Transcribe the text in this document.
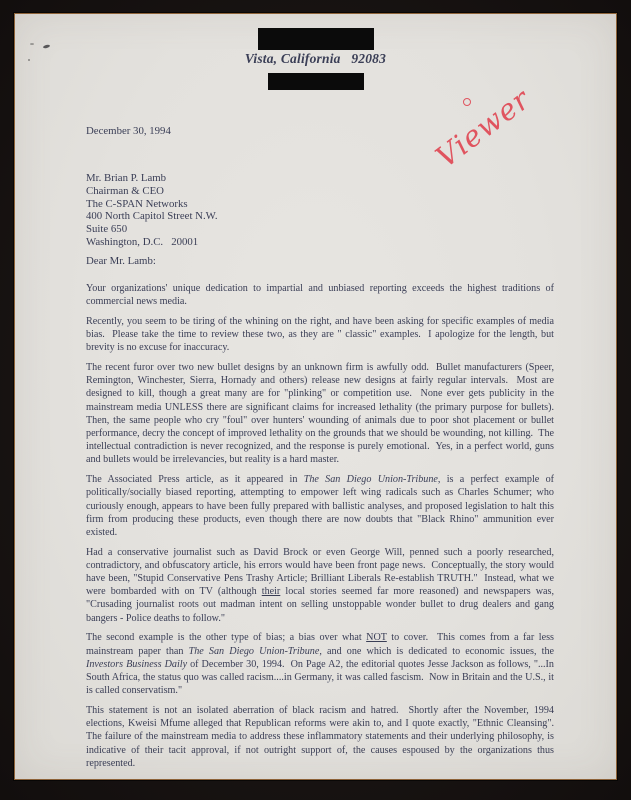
Vista, California   92083
Viewer
December 30, 1994
Mr. Brian P. Lamb
Chairman & CEO
The C-SPAN Networks
400 North Capitol Street N.W.
Suite 650
Washington, D.C.   20001
Dear Mr. Lamb:

Your organizations' unique dedication to impartial and unbiased reporting exceeds the highest traditions of commercial news media.

Recently, you seem to be tiring of the whining on the right, and have been asking for specific examples of media bias.  Please take the time to review these two, as they are " classic" examples.  I apologize for the length, but brevity is no excuse for inaccuracy.

The recent furor over two new bullet designs by an unknown firm is awfully odd.  Bullet manufacturers (Speer, Remington, Winchester, Sierra, Hornady and others) release new designs at fairly regular intervals.  Most are designed to kill, though a great many are for "plinking" or competition use.  None ever gets publicity in the mainstream media UNLESS there are significant claims for increased lethality (the primary purpose for bullets).  Then, the same people who cry "foul" over hunters' wounding of animals due to poor shot placement or bullet performance, decry the concept of improved lethality on the grounds that we should be wounding, not killing.  The intellectual contradiction is never recognized, and the response is purely emotional.  Yes, in a perfect world, guns and bullets would be irrelevancies, but reality is a hard master.

The Associated Press article, as it appeared in The San Diego Union-Tribune, is a perfect example of politically/socially biased reporting, attempting to empower left wing radicals such as Charles Schumer; who curiously enough, appears to have been fully prepared with ballistic analyses, and proposed legislation to halt this firm from producing these products, even though there are now doubts that "Black Rhino" ammunition ever existed.

Had a conservative journalist such as David Brock or even George Will, penned such a poorly researched, contradictory, and obfuscatory article, his errors would have been front page news.  Conceptually, the story would have been, "Stupid Conservative Pens Trashy Article; Brilliant Liberals Re-establish TRUTH."  Instead, what we were bombarded with on TV (although their local stories seemed far more reasoned) and newspapers was, "Crusading journalist roots out madman intent on selling unstoppable wonder bullet to drug dealers and gang bangers - Police deaths to follow."

The second example is the other type of bias; a bias over what NOT to cover.  This comes from a far less mainstream paper than The San Diego Union-Tribune, and one which is dedicated to economic issues, the Investors Business Daily of December 30, 1994.  On Page A2, the editorial quotes Jesse Jackson as follows, "...In South Africa, the status quo was called racism....in Germany, it was called fascism.  Now in Britain and the U.S., it is called conservatism."

This statement is not an isolated aberration of black racism and hatred.  Shortly after the November, 1994 elections, Kweisi Mfume alleged that Republican reforms were akin to, and I quote exactly, "Ethnic Cleansing".  The failure of the mainstream media to address these inflammatory statements and their underlying philosophy, is indicative of their tacit approval, if not outright support of, the causes espoused by the organizations thus represented.
